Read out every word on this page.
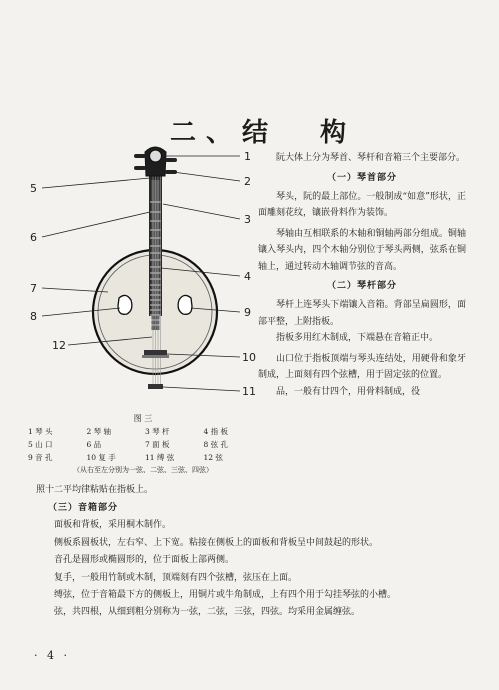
二、结 构
1
2
3
4
5
6
7
8	9
10
11
12
图 三
1 琴 头	2 琴 轴	3 琴 杆	4 指 板
5 山 口	6 品	7 面 板	8 弦 孔
9 音 孔	10 复 手	11 缚 弦	12 弦
（从右至左分别为一弦、二弦、三弦、四弦）

阮大体上分为琴首、琴杆和音箱三个主要部分。

（一）琴首部分

琴头，阮的最上部位。一般制成“如意”形状，正面雕刻花纹，镶嵌骨料作为装饰。

琴轴由互相联系的木轴和铜轴两部分组成。铜轴镶入琴头内，四个木轴分别位于琴头两侧，弦系在铜轴上，通过转动木轴调节弦的音高。

（二）琴杆部分

琴杆上连琴头下端镶入音箱。背部呈扁圆形，面部平整，上附指板。

指板多用红木制成，下端悬在音箱正中。

山口位于指板顶端与琴头连结处，用硬骨和象牙制成，上面刻有四个弦槽，用于固定弦的位置。

品，一般有廿四个，用骨料制成，役

照十二平均律粘贴在指板上。

（三）音箱部分

面板和背板，采用桐木制作。

侧板系圆板状，左右窄、上下宽。粘接在侧板上的面板和背板呈中间鼓起的形状。

音孔是圆形或椭圆形的，位于面板上部两侧。

复手，一般用竹制或木制，顶端刻有四个弦槽，弦压在上面。

缚弦，位于音箱最下方的侧板上，用铜片或牛角制成，上有四个用于勾挂琴弦的小槽。

弦，共四根，从细到粗分别称为一弦，二弦，三弦，四弦。均采用金属缠弦。

· 4 ·
